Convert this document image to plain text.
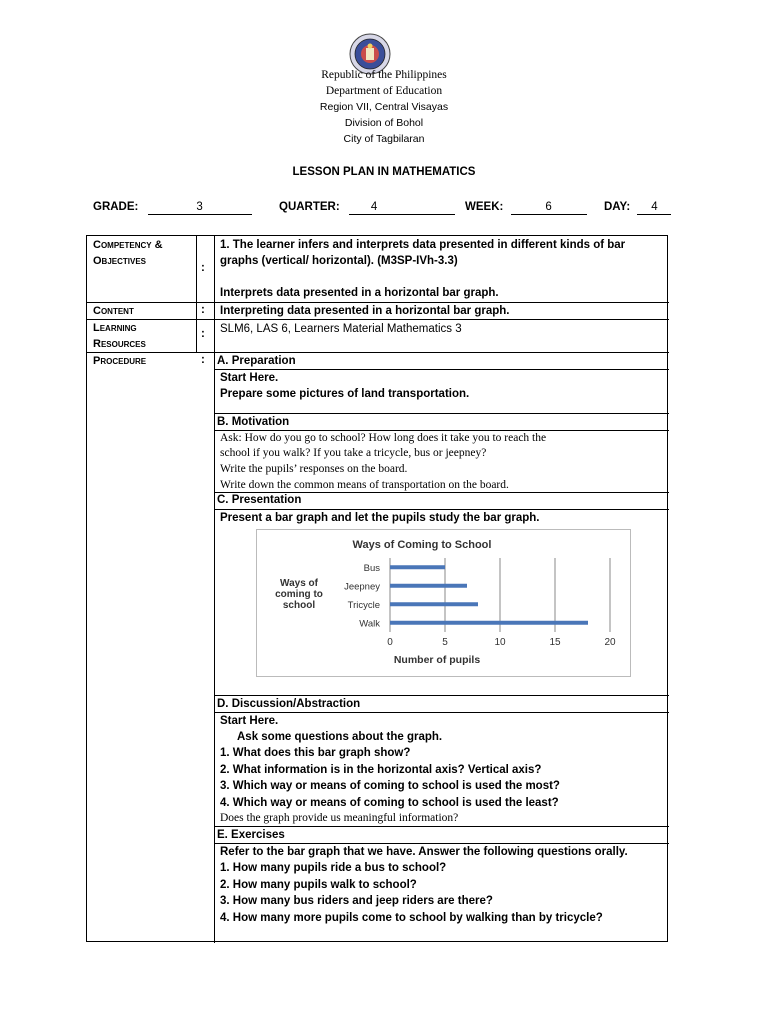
Republic of the Philippines
Department of Education
Region VII, Central Visayas
Division of Bohol
City of Tagbilaran
LESSON PLAN IN MATHEMATICS
GRADE:	3	QUARTER:	4	WEEK:	6	DAY: 4
Competency &
Objectives
:
1. The learner infers and interprets data presented in different kinds of bar
graphs (vertical/ horizontal). (M3SP-IVh-3.3)
Interprets data presented in a horizontal bar graph.
Content	: Interpreting data presented in a horizontal bar graph.
Learning
Resources
: SLM6, LAS 6, Learners Material Mathematics 3
Procedure	: A. Preparation
Start Here.
Prepare some pictures of land transportation.
B. Motivation
Ask: How do you go to school? How long does it take you to reach the
school if you walk? If you take a tricycle, bus or jeepney?
Write the pupils’ responses on the board.
Write down the common means of transportation on the board.
C. Presentation
Present a bar graph and let the pupils study the bar graph.
Ways of Coming to School
Ways of
coming to
school
Number of pupils
0	5	10	15	20
Bus
Jeepney
Tricycle
Walk
D. Discussion/Abstraction
Start Here.
Ask some questions about the graph.
1. What does this bar graph show?
2. What information is in the horizontal axis? Vertical axis?
3. Which way or means of coming to school is used the most?
4. Which way or means of coming to school is used the least?
Does the graph provide us meaningful information?
E. Exercises
Refer to the bar graph that we have. Answer the following questions orally.
1. How many pupils ride a bus to school?
2. How many pupils walk to school?
3. How many bus riders and jeep riders are there?
4. How many more pupils come to school by walking than by tricycle?
